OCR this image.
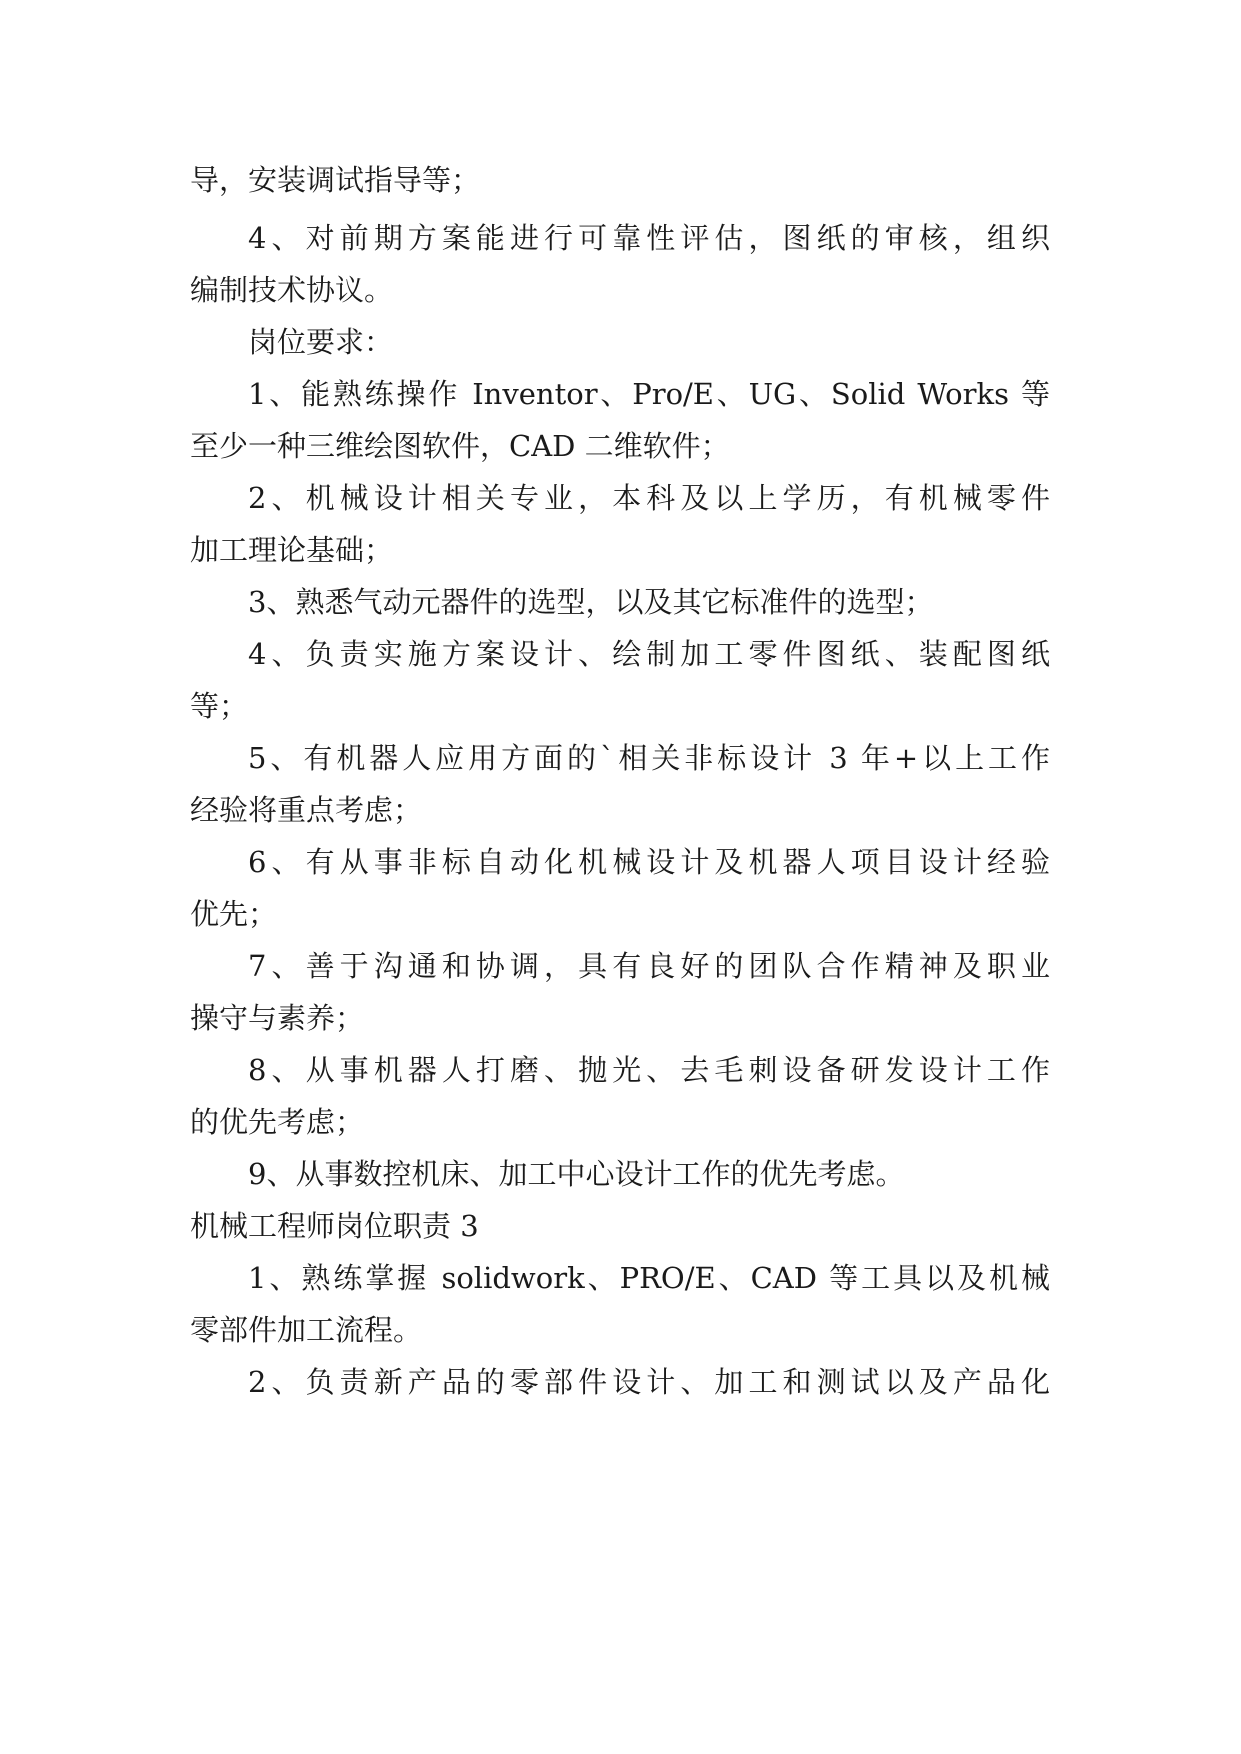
导，安装调试指导等；
4、对前期方案能进行可靠性评估，图纸的审核，组织
编制技术协议。
岗位要求：
1、能熟练操作 Inventor、Pro/E、UG、Solid Works 等
至少一种三维绘图软件，CAD 二维软件；
2、机械设计相关专业，本科及以上学历，有机械零件
加工理论基础；
3、熟悉气动元器件的选型，以及其它标准件的选型；
4、负责实施方案设计、绘制加工零件图纸、装配图纸
等；
5、有机器人应用方面的`相关非标设计 3 年+以上工作
经验将重点考虑；
6、有从事非标自动化机械设计及机器人项目设计经验
优先；
7、善于沟通和协调，具有良好的团队合作精神及职业
操守与素养；
8、从事机器人打磨、抛光、去毛刺设备研发设计工作
的优先考虑；
9、从事数控机床、加工中心设计工作的优先考虑。
机械工程师岗位职责 3
1、熟练掌握 solidwork、PRO/E、CAD 等工具以及机械
零部件加工流程。
2、负责新产品的零部件设计、加工和测试以及产品化
